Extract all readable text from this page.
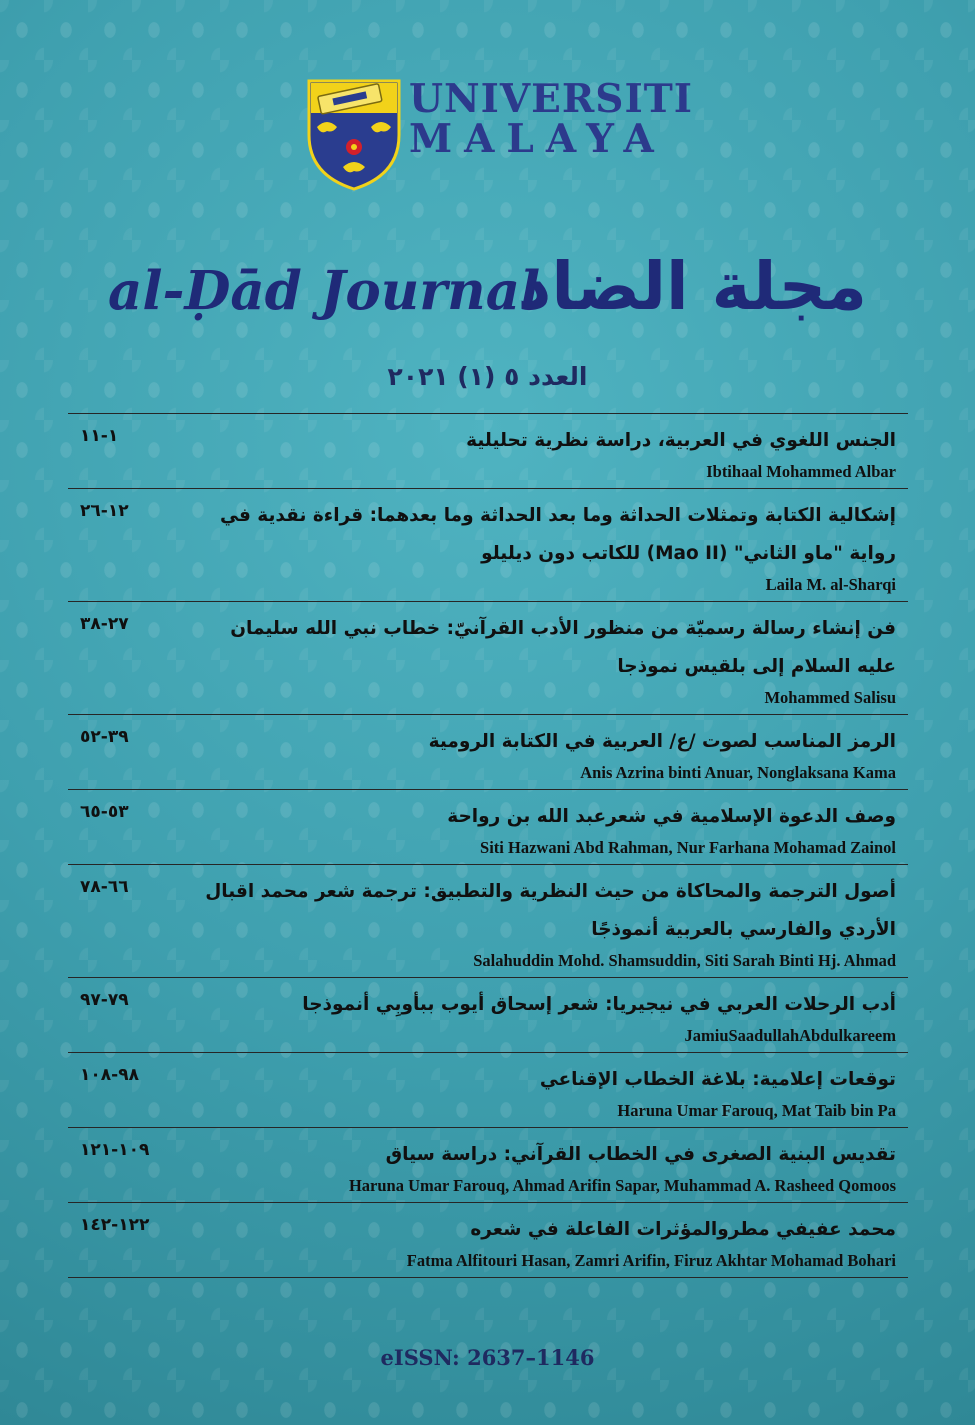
UNIVERSITI

MALAYA

al-Ḍād Journal
مجلة الضاد
العدد ٥ (١) ٢٠٢١
١-١١	الجنس اللغوي في العربية، دراسة نظرية تحليلية
Ibtihaal Mohammed Albar
١٢-٢٦	إشكالية الكتابة وتمثلات الحداثة وما بعد الحداثة وما بعدهما: قراءة نقدية في رواية "ماو الثاني" (Mao II) للكاتب دون ديليلو
Laila M. al-Sharqi
٢٧-٣٨	فن إنشاء رسالة رسميّة من منظور الأدب القرآنيّ: خطاب نبي الله سليمان عليه السلام إلى بلقيس نموذجا
Mohammed Salisu
٣٩-٥٢	الرمز المناسب لصوت /ع/ العربية في الكتابة الرومية
Anis Azrina binti Anuar, Nonglaksana Kama
٥٣-٦٥	وصف الدعوة الإسلامية في شعرعبد الله بن رواحة
Siti Hazwani Abd Rahman, Nur Farhana Mohamad Zainol
٦٦-٧٨	أصول الترجمة والمحاكاة من حيث النظرية والتطبيق: ترجمة شعر محمد اقبال الأردي والفارسي بالعربية أنموذجًا
Salahuddin Mohd. Shamsuddin, Siti Sarah Binti Hj. Ahmad
٧٩-٩٧	أدب الرحلات العربي في نيجيريا: شعر إسحاق أيوب ببأوبِي أنموذجا
JamiuSaadullahAbdulkareem
٩٨-١٠٨	توقعات إعلامية: بلاغة الخطاب الإقناعي
Haruna Umar Farouq, Mat Taib bin Pa
١٠٩-١٢١	تقديس البنية الصغرى في الخطاب القرآني: دراسة سياق
Haruna Umar Farouq, Ahmad Arifin Sapar, Muhammad A. Rasheed Qomoos
١٢٢-١٤٢	محمد عفيفي مطروالمؤثرات الفاعلة في شعره
Fatma Alfitouri Hasan, Zamri Arifin, Firuz Akhtar Mohamad Bohari
eISSN: 2637–1146
